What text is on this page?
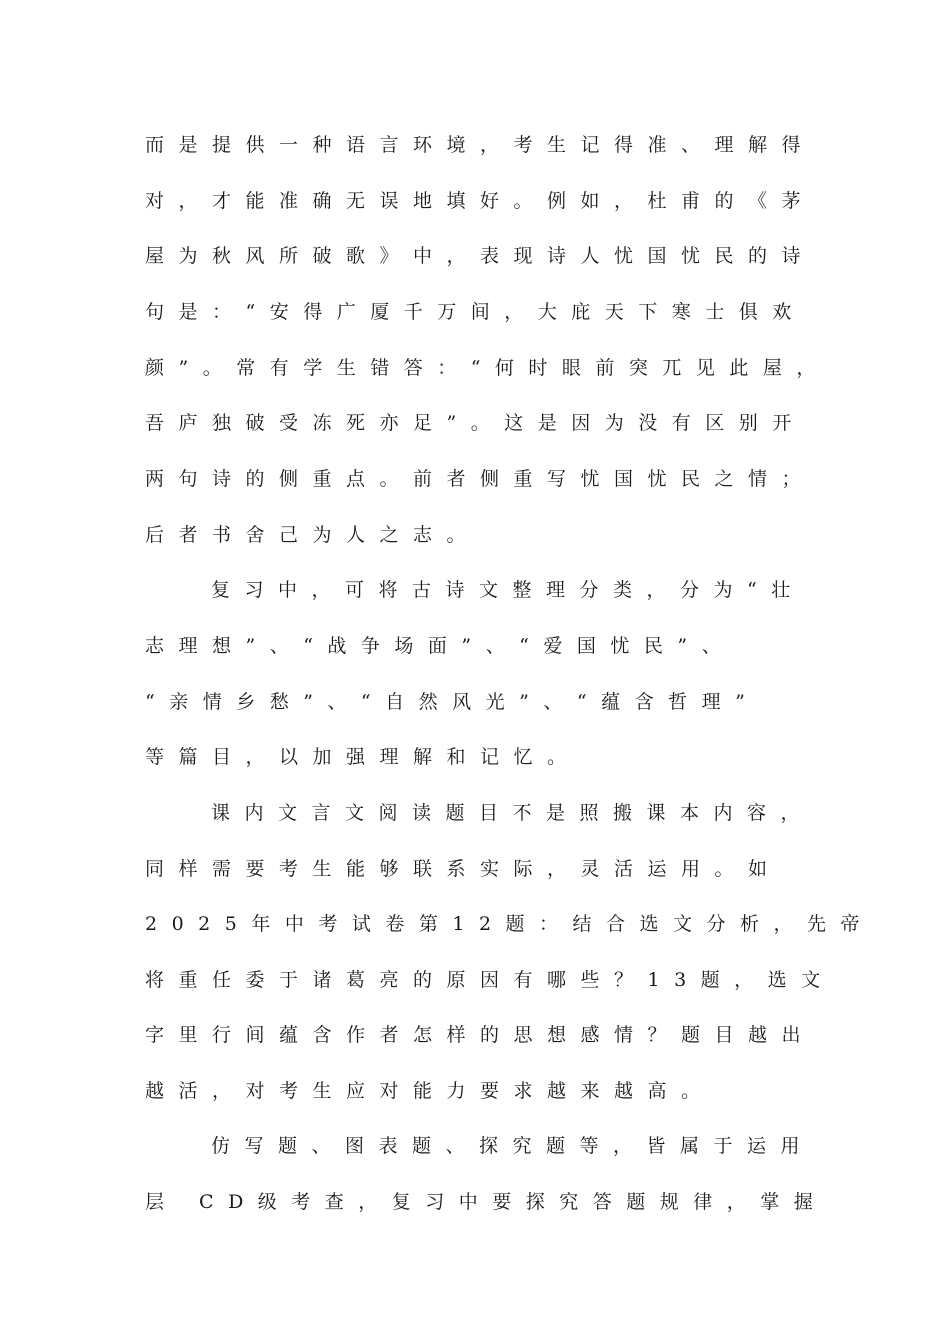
而是提供一种语言环境，考生记得准、理解得
对，才能准确无误地填好。例如，杜甫的《茅
屋为秋风所破歌》中，表现诗人忧国忧民的诗
句是：“安得广厦千万间，大庇天下寒士俱欢
颜”。常有学生错答：“何时眼前突兀见此屋，
吾庐独破受冻死亦足”。这是因为没有区别开
两句诗的侧重点。前者侧重写忧国忧民之情；
后者书舍己为人之志。
复习中，可将古诗文整理分类，分为“壮
志理想”、“战争场面”、“爱国忧民”、
“亲情乡愁”、“自然风光”、“蕴含哲理”
等篇目，以加强理解和记忆。
课内文言文阅读题目不是照搬课本内容，
同样需要考生能够联系实际，灵活运用。如
2025年中考试卷第12题：结合选文分析，先帝
将重任委于诸葛亮的原因有哪些？13题，选文
字里行间蕴含作者怎样的思想感情？题目越出
越活，对考生应对能力要求越来越高。
仿写题、图表题、探究题等，皆属于运用
层 CD级考查，复习中要探究答题规律，掌握
